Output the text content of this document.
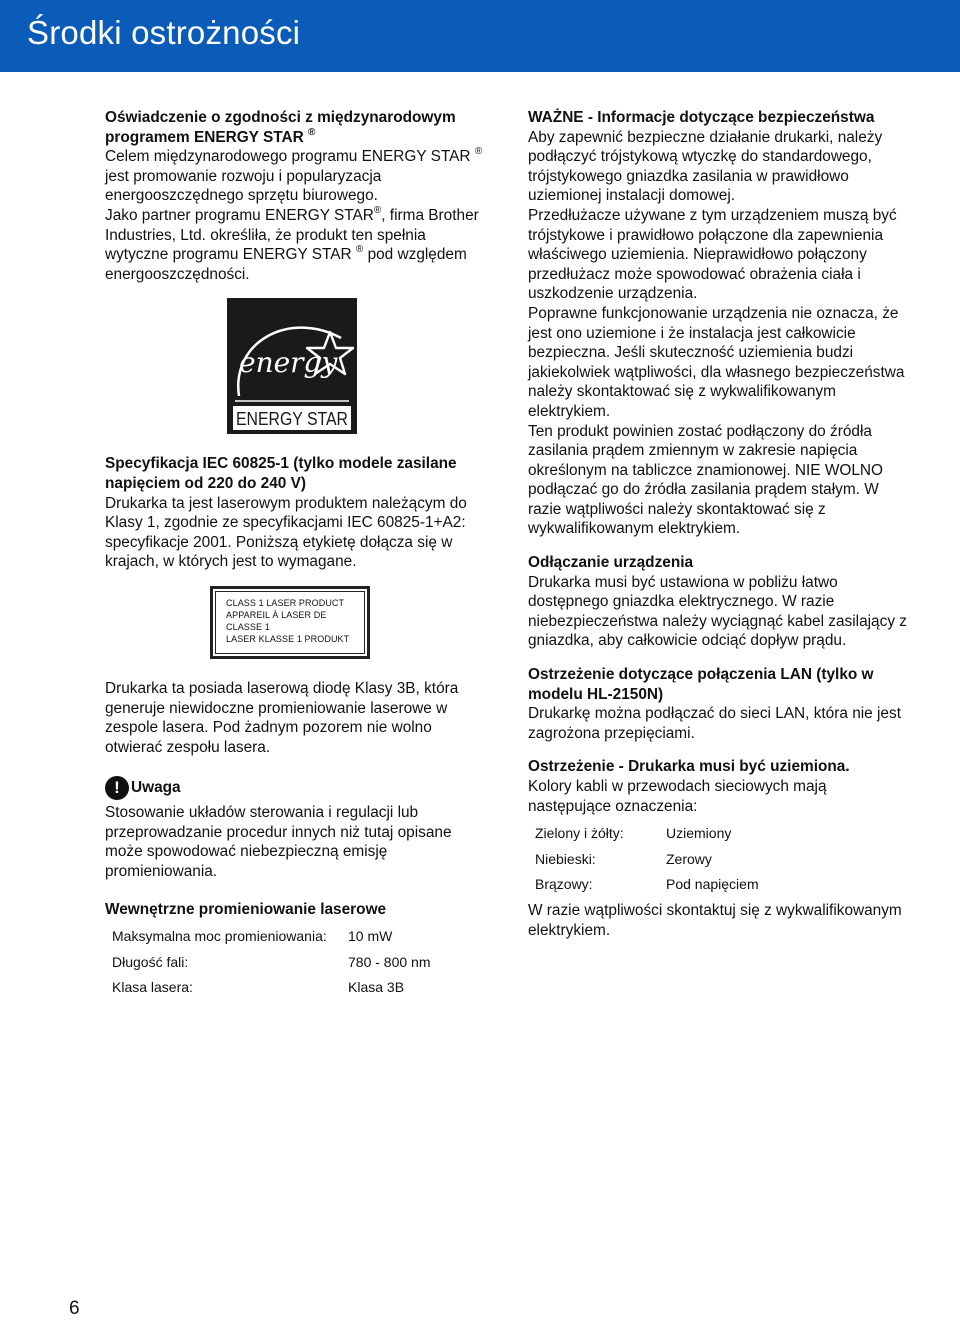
Środki ostrożności

Oświadczenie o zgodności z międzynarodowym
programem ENERGY STAR ®

Celem międzynarodowego programu ENERGY STAR ® jest promowanie rozwoju i popularyzacja energooszczędnego sprzętu biurowego.

Jako partner programu ENERGY STAR®, firma Brother Industries, Ltd. określiła, że produkt ten spełnia wytyczne programu ENERGY STAR ® pod względem energooszczędności.

energy
ENERGY STAR

Specyfikacja IEC 60825-1 (tylko modele zasilane napięciem od 220 do 240 V)

Drukarka ta jest laserowym produktem należącym do Klasy 1, zgodnie ze specyfikacjami IEC 60825-1+A2: specyfikacje 2001. Poniższą etykietę dołącza się w krajach, w których jest to wymagane.

CLASS 1 LASER PRODUCT
APPAREIL À LASER DE CLASSE 1
LASER KLASSE 1 PRODUKT

Drukarka ta posiada laserową diodę Klasy 3B, która generuje niewidoczne promieniowanie laserowe w zespole lasera. Pod żadnym pozorem nie wolno otwierać zespołu lasera.

! Uwaga

Stosowanie układów sterowania i regulacji lub przeprowadzanie procedur innych niż tutaj opisane może spowodować niebezpieczną emisję promieniowania.

Wewnętrzne promieniowanie laserowe

Maksymalna moc promieniowania:	10 mW
Długość fali:	780 - 800 nm
Klasa lasera:	Klasa 3B

WAŻNE - Informacje dotyczące bezpieczeństwa

Aby zapewnić bezpieczne działanie drukarki, należy podłączyć trójstykową wtyczkę do standardowego, trójstykowego gniazdka zasilania w prawidłowo uziemionej instalacji domowej.

Przedłużacze używane z tym urządzeniem muszą być trójstykowe i prawidłowo połączone dla zapewnienia właściwego uziemienia. Nieprawidłowo połączony przedłużacz może spowodować obrażenia ciała i uszkodzenie urządzenia.

Poprawne funkcjonowanie urządzenia nie oznacza, że jest ono uziemione i że instalacja jest całkowicie bezpieczna. Jeśli skuteczność uziemienia budzi jakiekolwiek wątpliwości, dla własnego bezpieczeństwa należy skontaktować się z wykwalifikowanym elektrykiem.

Ten produkt powinien zostać podłączony do źródła zasilania prądem zmiennym w zakresie napięcia określonym na tabliczce znamionowej. NIE WOLNO podłączać go do źródła zasilania prądem stałym. W razie wątpliwości należy skontaktować się z wykwalifikowanym elektrykiem.

Odłączanie urządzenia

Drukarka musi być ustawiona w pobliżu łatwo dostępnego gniazdka elektrycznego. W razie niebezpieczeństwa należy wyciągnąć kabel zasilający z gniazdka, aby całkowicie odciąć dopływ prądu.

Ostrzeżenie dotyczące połączenia LAN (tylko w modelu HL-2150N)

Drukarkę można podłączać do sieci LAN, która nie jest zagrożona przepięciami.

Ostrzeżenie - Drukarka musi być uziemiona.

Kolory kabli w przewodach sieciowych mają następujące oznaczenia:

Zielony i żółty:	Uziemiony
Niebieski:	Zerowy
Brązowy:	Pod napięciem

W razie wątpliwości skontaktuj się z wykwalifikowanym elektrykiem.

6
